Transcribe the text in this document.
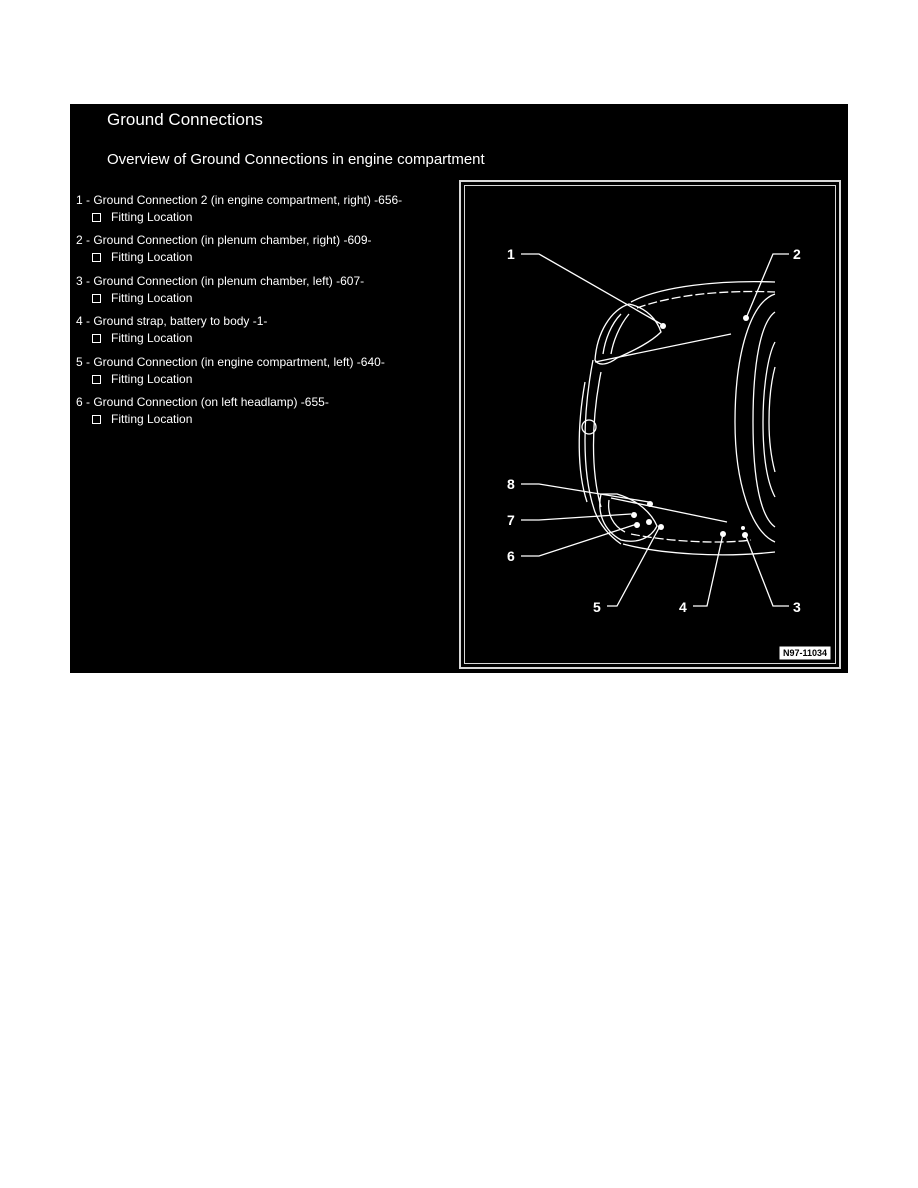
Ground Connections
Overview of Ground Connections in engine compartment
1 - Ground Connection 2 (in engine compartment, right) -656-
Fitting Location
2 - Ground Connection (in plenum chamber, right) -609-
Fitting Location
3 - Ground Connection (in plenum chamber, left) -607-
Fitting Location
4 - Ground strap, battery to body -1-
Fitting Location
5 - Ground Connection (in engine compartment, left) -640-
Fitting Location
6 - Ground Connection (on left headlamp) -655-
Fitting Location
1	2
3
4
5
6
7
8
N97-11034
